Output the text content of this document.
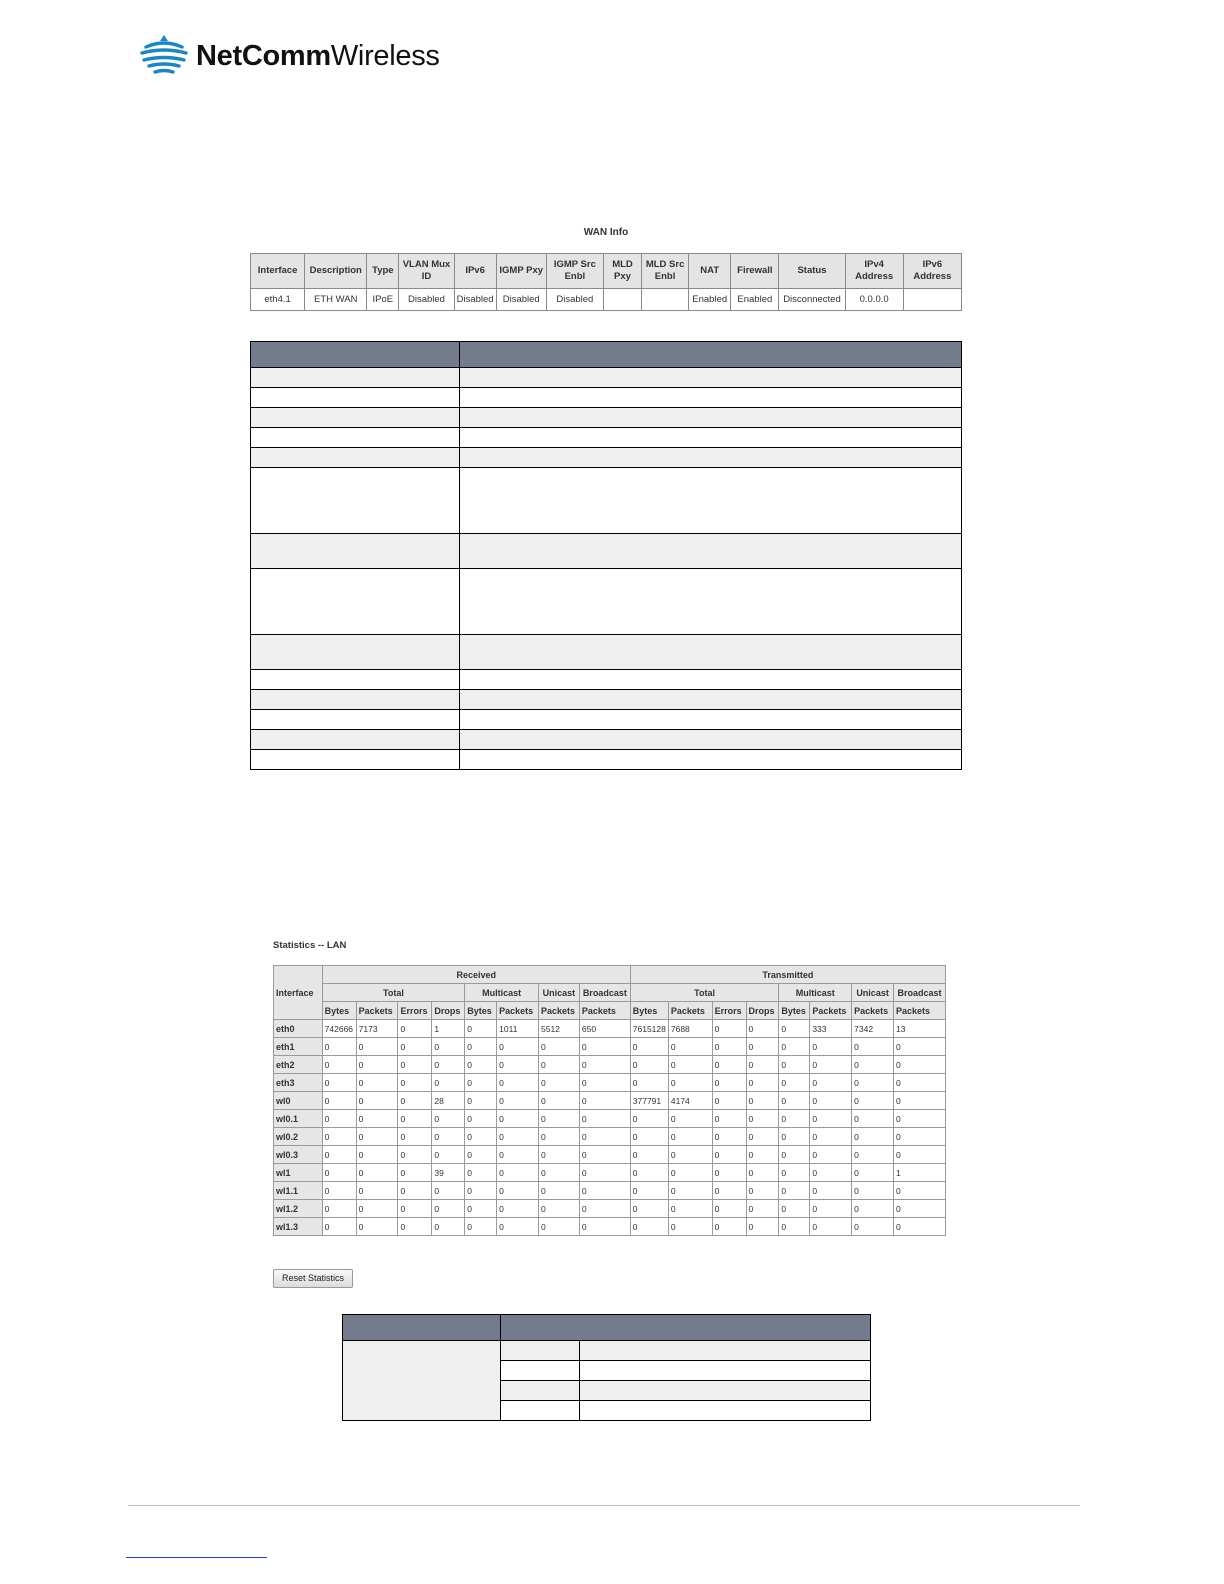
NetCommWireless
WAN Info
Interface	Description	Type	VLAN Mux ID	IPv6	IGMP Pxy	IGMP Src Enbl	MLD Pxy	MLD Src Enbl	NAT	Firewall	Status	IPv4 Address	IPv6 Address
eth4.1	ETH WAN	IPoE	Disabled	Disabled	Disabled	Disabled			Enabled	Enabled	Disconnected	0.0.0.0	

Statistics -- LAN
Interface	Received								Transmitted							
	Total				Multicast		Unicast	Broadcast	Total				Multicast		Unicast	Broadcast
	Bytes	Packets	Errors	Drops	Bytes	Packets	Packets	Packets	Bytes	Packets	Errors	Drops	Bytes	Packets	Packets	Packets
eth0	742666	7173	0	1	0	1011	5512	650	7615128	7688	0	0	0	333	7342	13
eth1	0	0	0	0	0	0	0	0	0	0	0	0	0	0	0	0
eth2	0	0	0	0	0	0	0	0	0	0	0	0	0	0	0	0
eth3	0	0	0	0	0	0	0	0	0	0	0	0	0	0	0	0
wl0	0	0	0	28	0	0	0	0	377791	4174	0	0	0	0	0	0
wl0.1	0	0	0	0	0	0	0	0	0	0	0	0	0	0	0	0
wl0.2	0	0	0	0	0	0	0	0	0	0	0	0	0	0	0	0
wl0.3	0	0	0	0	0	0	0	0	0	0	0	0	0	0	0	0
wl1	0	0	0	39	0	0	0	0	0	0	0	0	0	0	0	1
wl1.1	0	0	0	0	0	0	0	0	0	0	0	0	0	0	0	0
wl1.2	0	0	0	0	0	0	0	0	0	0	0	0	0	0	0	0
wl1.3	0	0	0	0	0	0	0	0	0	0	0	0	0	0	0	0
Reset Statistics
